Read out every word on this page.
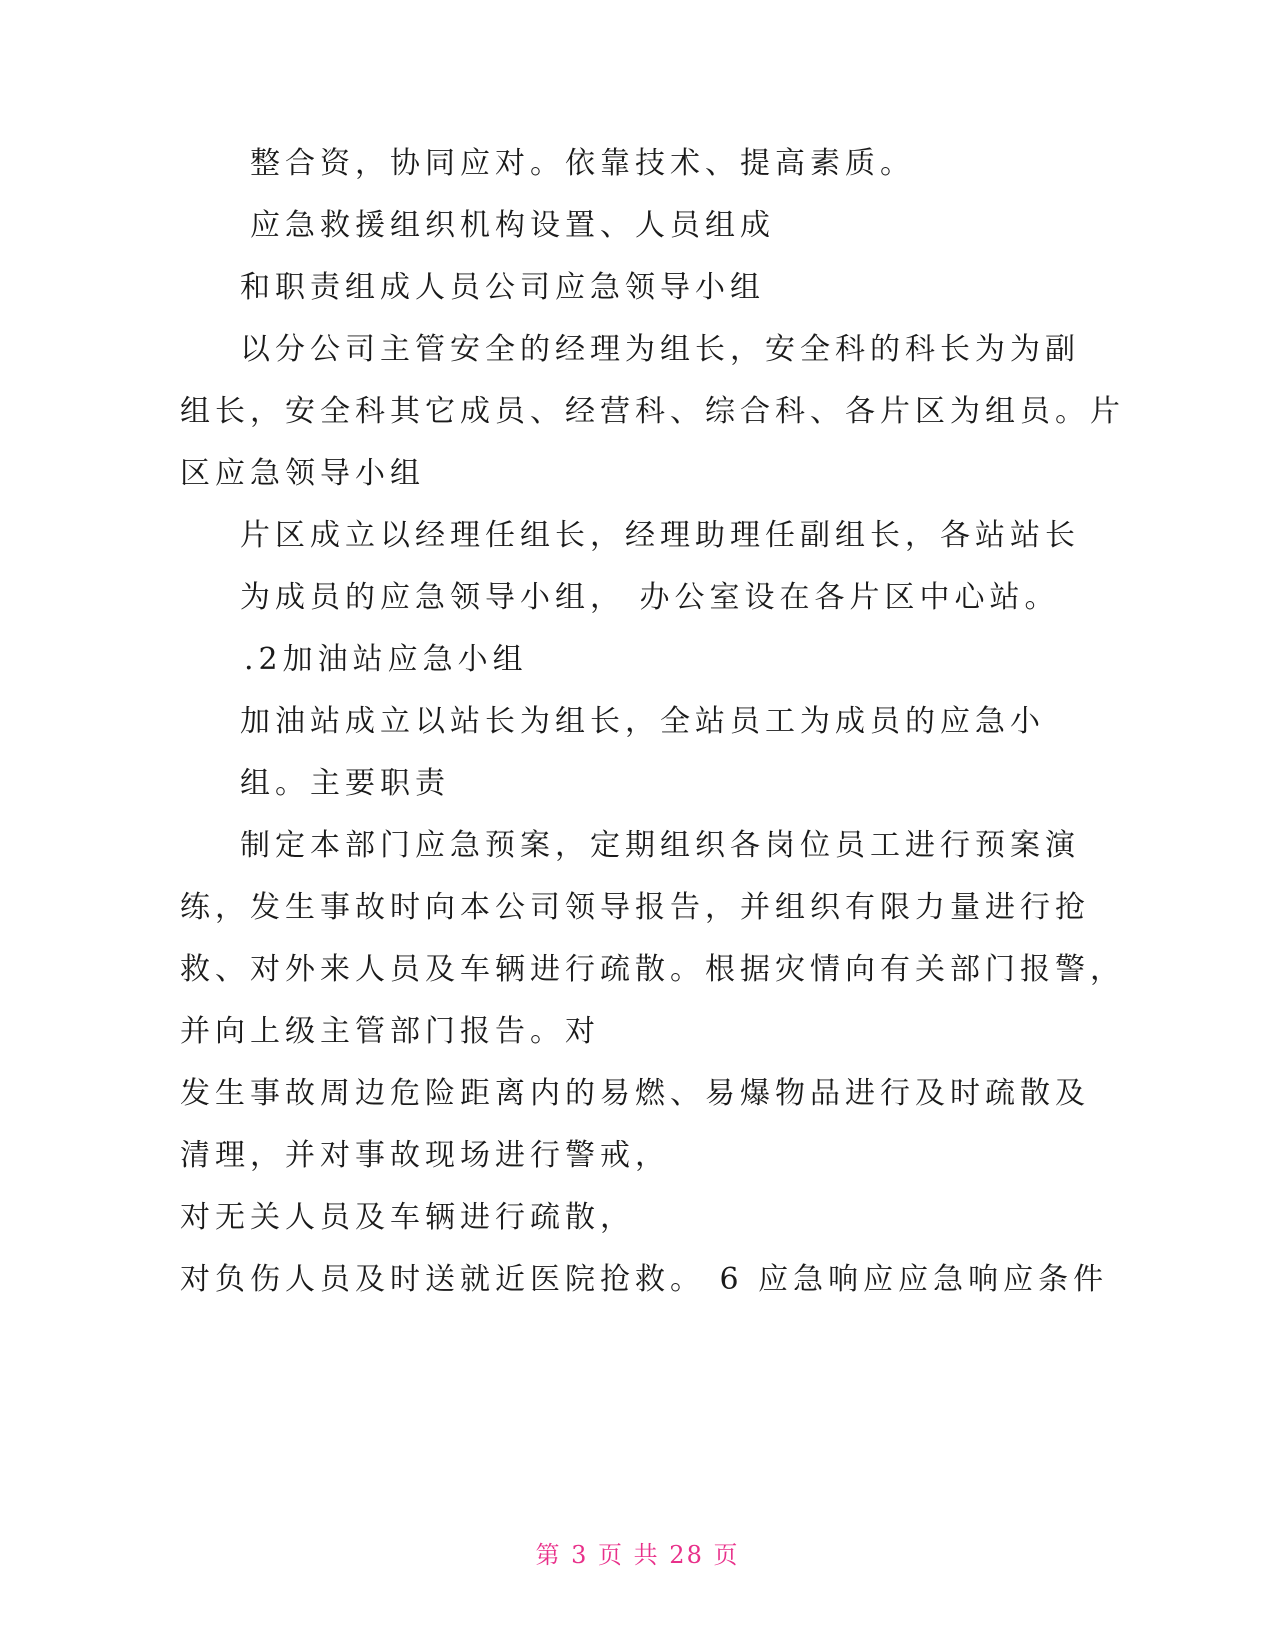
整合资，协同应对。依靠技术、提高素质。
应急救援组织机构设置、人员组成
和职责组成人员公司应急领导小组
以分公司主管安全的经理为组长，安全科的科长为为副
组长，安全科其它成员、经营科、综合科、各片区为组员。片
区应急领导小组
片区成立以经理任组长，经理助理任副组长，各站站长
为成员的应急领导小组， 办公室设在各片区中心站。
.2加油站应急小组
加油站成立以站长为组长，全站员工为成员的应急小
组。主要职责
制定本部门应急预案，定期组织各岗位员工进行预案演
练，发生事故时向本公司领导报告，并组织有限力量进行抢
救、对外来人员及车辆进行疏散。根据灾情向有关部门报警，
并向上级主管部门报告。对
发生事故周边危险距离内的易燃、易爆物品进行及时疏散及
清理，并对事故现场进行警戒，
对无关人员及车辆进行疏散，
对负伤人员及时送就近医院抢救。 6 应急响应应急响应条件
第 3 页 共 28 页
